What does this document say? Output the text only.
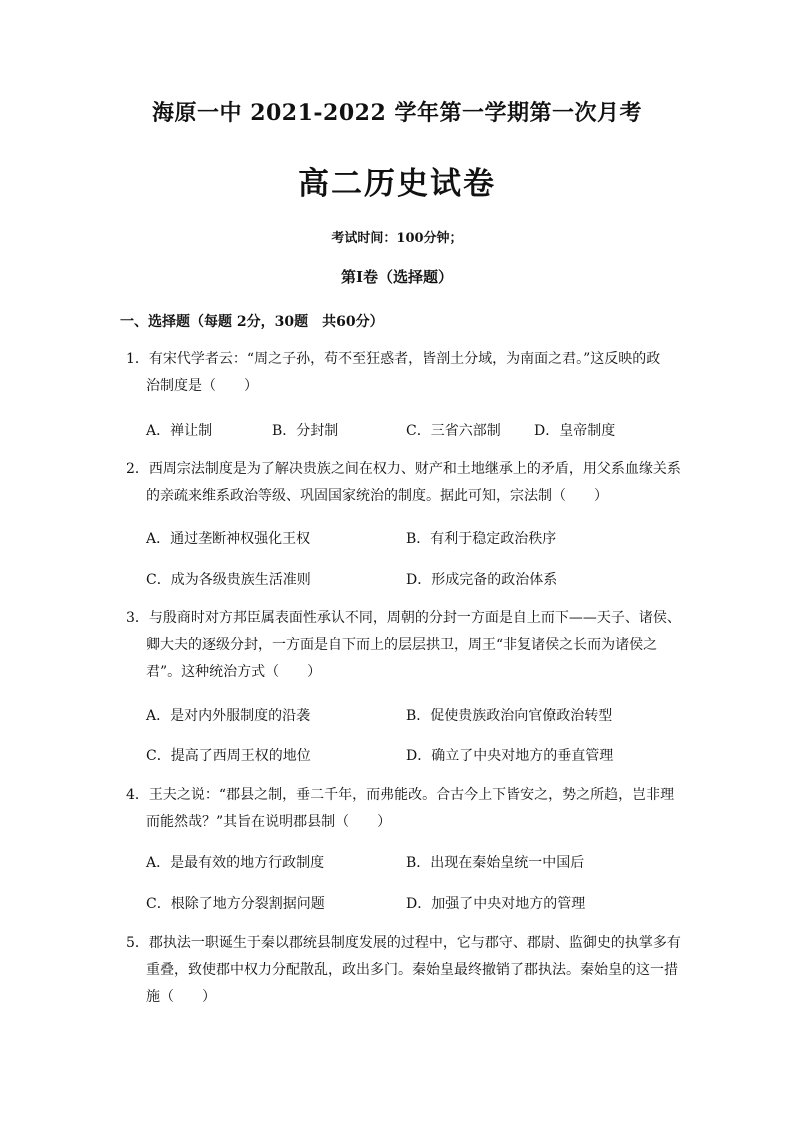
海原一中 2021-2022 学年第一学期第一次月考
高二历史试卷
考试时间：100分钟；
第I卷（选择题）
一、选择题（每题 2分，30题　共60分）
1．有宋代学者云：“周之子孙，苟不至狂惑者，皆剖土分域，为南面之君。”这反映的政
治制度是（　　）
A．禅让制	B．分封制	C．三省六部制 D．皇帝制度
2．西周宗法制度是为了解决贵族之间在权力、财产和土地继承上的矛盾，用父系血缘关系
的亲疏来维系政治等级、巩固国家统治的制度。据此可知，宗法制（　　）
A．通过垄断神权强化王权	B．有利于稳定政治秩序
C．成为各级贵族生活准则	D．形成完备的政治体系
3．与殷商时对方邦臣属表面性承认不同，周朝的分封一方面是自上而下——天子、诸侯、
卿大夫的逐级分封，一方面是自下而上的层层拱卫，周王“非复诸侯之长而为诸侯之
君”。这种统治方式（　　）
A．是对内外服制度的沿袭	B．促使贵族政治向官僚政治转型
C．提高了西周王权的地位	D．确立了中央对地方的垂直管理
4．王夫之说：“郡县之制，垂二千年，而弗能改。合古今上下皆安之，势之所趋，岂非理
而能然哉？”其旨在说明郡县制（　　）
A．是最有效的地方行政制度	B．出现在秦始皇统一中国后
C．根除了地方分裂割据问题	D．加强了中央对地方的管理
5．郡执法一职诞生于秦以郡统县制度发展的过程中，它与郡守、郡尉、监御史的执掌多有
重叠，致使郡中权力分配散乱，政出多门。秦始皇最终撤销了郡执法。秦始皇的这一措
施（　　）
